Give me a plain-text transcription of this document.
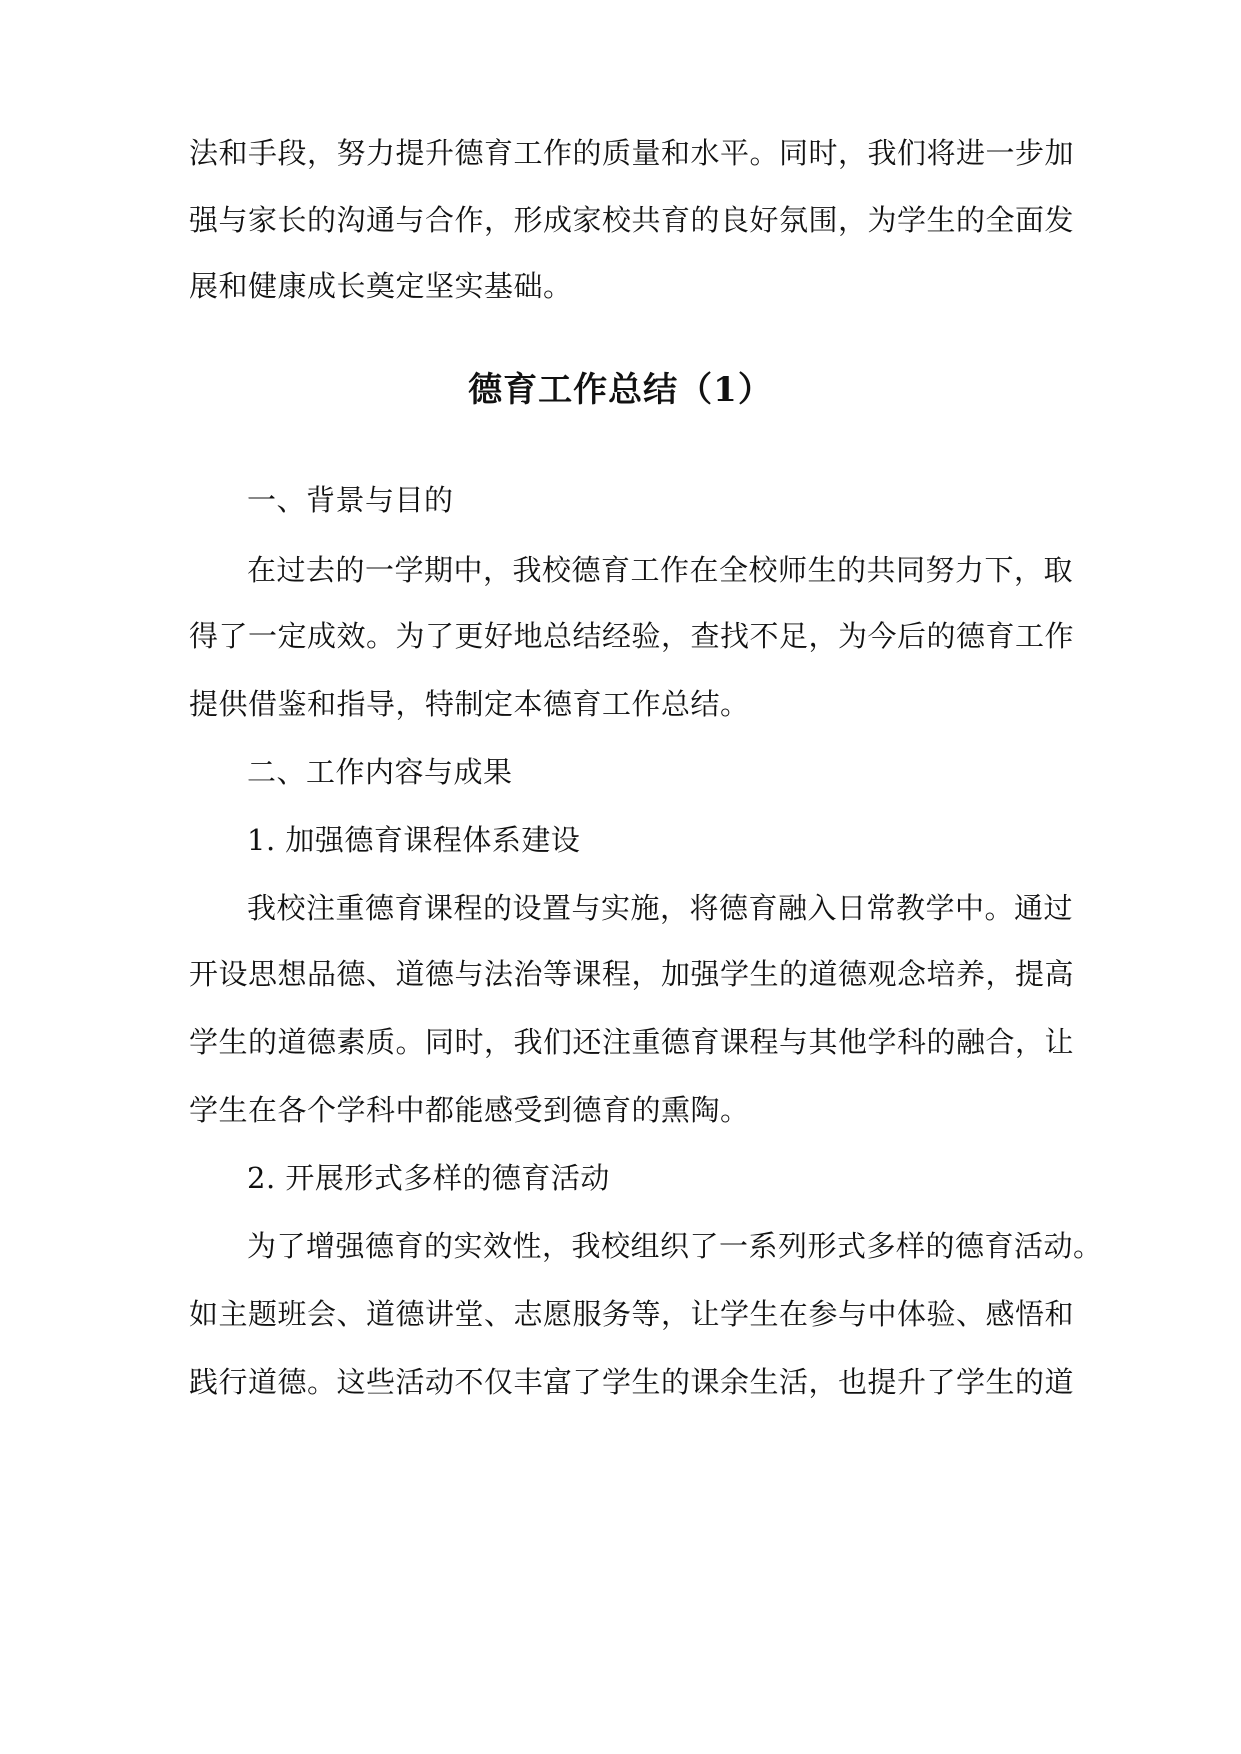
法和手段，努力提升德育工作的质量和水平。同时，我们将进一步加
强与家长的沟通与合作，形成家校共育的良好氛围，为学生的全面发
展和健康成长奠定坚实基础。
德育工作总结（1）
一、背景与目的
在过去的一学期中，我校德育工作在全校师生的共同努力下，取
得了一定成效。为了更好地总结经验，查找不足，为今后的德育工作
提供借鉴和指导，特制定本德育工作总结。
二、工作内容与成果
1. 加强德育课程体系建设
我校注重德育课程的设置与实施，将德育融入日常教学中。通过
开设思想品德、道德与法治等课程，加强学生的道德观念培养，提高
学生的道德素质。同时，我们还注重德育课程与其他学科的融合，让
学生在各个学科中都能感受到德育的熏陶。
2. 开展形式多样的德育活动
为了增强德育的实效性，我校组织了一系列形式多样的德育活动。
如主题班会、道德讲堂、志愿服务等，让学生在参与中体验、感悟和
践行道德。这些活动不仅丰富了学生的课余生活，也提升了学生的道
